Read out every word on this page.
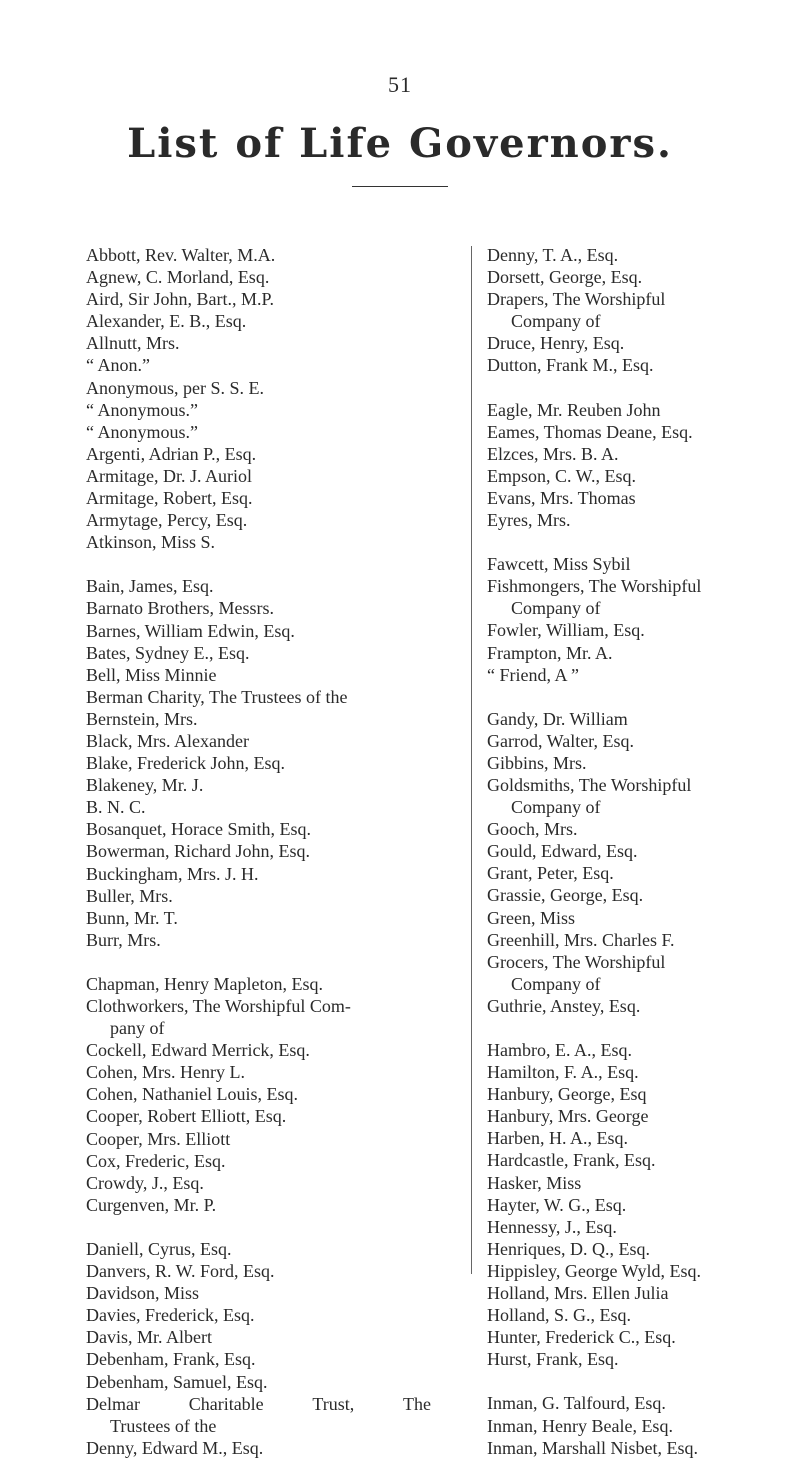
51
List of Life Governors.
Abbott, Rev. Walter, M.A.
Agnew, C. Morland, Esq.
Aird, Sir John, Bart., M.P.
Alexander, E. B., Esq.
Allnutt, Mrs.
“ Anon.”
Anonymous, per S. S. E.
“ Anonymous.”
“ Anonymous.”
Argenti, Adrian P., Esq.
Armitage, Dr. J. Auriol
Armitage, Robert, Esq.
Armytage, Percy, Esq.
Atkinson, Miss S.
Bain, James, Esq.
Barnato Brothers, Messrs.
Barnes, William Edwin, Esq.
Bates, Sydney E., Esq.
Bell, Miss Minnie
Berman Charity, The Trustees of the
Bernstein, Mrs.
Black, Mrs. Alexander
Blake, Frederick John, Esq.
Blakeney, Mr. J.
B. N. C.
Bosanquet, Horace Smith, Esq.
Bowerman, Richard John, Esq.
Buckingham, Mrs. J. H.
Buller, Mrs.
Bunn, Mr. T.
Burr, Mrs.
Chapman, Henry Mapleton, Esq.
Clothworkers, The Worshipful Com-
pany of
Cockell, Edward Merrick, Esq.
Cohen, Mrs. Henry L.
Cohen, Nathaniel Louis, Esq.
Cooper, Robert Elliott, Esq.
Cooper, Mrs. Elliott
Cox, Frederic, Esq.
Crowdy, J., Esq.
Curgenven, Mr. P.
Daniell, Cyrus, Esq.
Danvers, R. W. Ford, Esq.
Davidson, Miss
Davies, Frederick, Esq.
Davis, Mr. Albert
Debenham, Frank, Esq.
Debenham, Samuel, Esq.
Delmar	Charitable	Trust,	The
Trustees of the
Denny, Edward M., Esq.
Denny, T. A., Esq.
Dorsett, George, Esq.
Drapers, The Worshipful
Company of
Druce, Henry, Esq.
Dutton, Frank M., Esq.
Eagle, Mr. Reuben John
Eames, Thomas Deane, Esq.
Elzces, Mrs. B. A.
Empson, C. W., Esq.
Evans, Mrs. Thomas
Eyres, Mrs.
Fawcett, Miss Sybil
Fishmongers, The Worshipful
Company of
Fowler, William, Esq.
Frampton, Mr. A.
“ Friend, A ”
Gandy, Dr. William
Garrod, Walter, Esq.
Gibbins, Mrs.
Goldsmiths, The Worshipful
Company of
Gooch, Mrs.
Gould, Edward, Esq.
Grant, Peter, Esq.
Grassie, George, Esq.
Green, Miss
Greenhill, Mrs. Charles F.
Grocers, The Worshipful
Company of
Guthrie, Anstey, Esq.
Hambro, E. A., Esq.
Hamilton, F. A., Esq.
Hanbury, George, Esq
Hanbury, Mrs. George
Harben, H. A., Esq.
Hardcastle, Frank, Esq.
Hasker, Miss
Hayter, W. G., Esq.
Hennessy, J., Esq.
Henriques, D. Q., Esq.
Hippisley, George Wyld, Esq.
Holland, Mrs. Ellen Julia
Holland, S. G., Esq.
Hunter, Frederick C., Esq.
Hurst, Frank, Esq.
Inman, G. Talfourd, Esq.
Inman, Henry Beale, Esq.
Inman, Marshall Nisbet, Esq.
